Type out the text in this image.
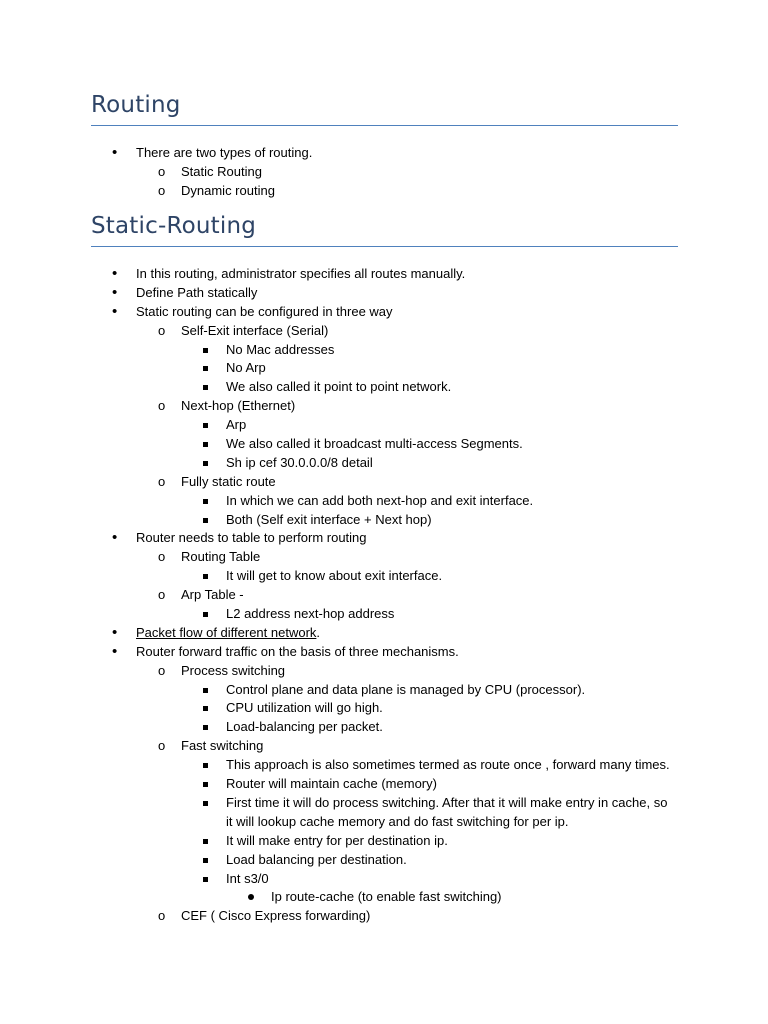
Routing
• There are two types of routing.
o Static Routing
o Dynamic routing
Static-Routing
• In this routing, administrator specifies all routes manually.
• Define Path statically
• Static routing can be configured in three way
o Self-Exit interface (Serial)
No Mac addresses
No Arp
We also called it point to point network.
o Next-hop (Ethernet)
Arp
We also called it broadcast multi-access Segments.
Sh ip cef 30.0.0.0/8 detail
o Fully static route
In which we can add both next-hop and exit interface.
Both (Self exit interface + Next hop)
• Router needs to table to perform routing
o Routing Table
It will get to know about exit interface.
o Arp Table -
L2 address next-hop address
• Packet flow of different network.
• Router forward traffic on the basis of three mechanisms.
o Process switching
Control plane and data plane is managed by CPU (processor).
CPU utilization will go high.
Load-balancing per packet.
o Fast switching
This approach is also sometimes termed as route once , forward many times.
Router will maintain cache (memory)
First time it will do process switching. After that it will make entry in cache, so it will lookup cache memory and do fast switching for per ip.
It will make entry for per destination ip.
Load balancing per destination.
Int s3/0
Ip route-cache (to enable fast switching)
o CEF ( Cisco Express forwarding)
